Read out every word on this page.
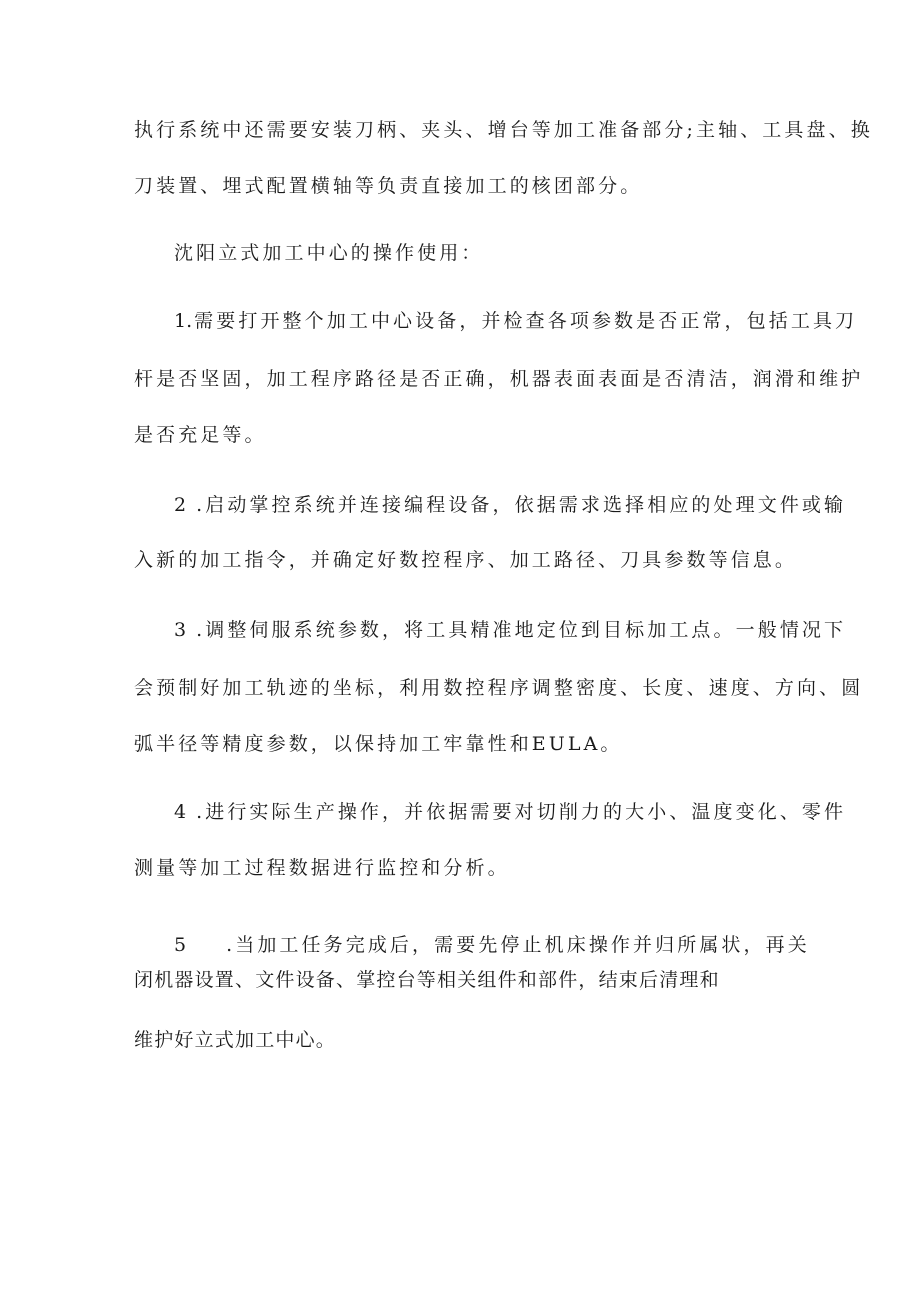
执行系统中还需要安装刀柄、夹头、增台等加工准备部分;主轴、工具盘、换
刀装置、埋式配置横轴等负责直接加工的核团部分。
沈阳立式加工中心的操作使用：
1. 需要打开整个加工中心设备，并检查各项参数是否正常，包括工具刀
杆是否坚固，加工程序路径是否正确，机器表面表面是否清洁，润滑和维护
是否充足等。
2 .启动掌控系统并连接编程设备，依据需求选择相应的处理文件或输
入新的加工指令，并确定好数控程序、加工路径、刀具参数等信息。
3 .调整伺服系统参数，将工具精准地定位到目标加工点。一般情况下
会预制好加工轨迹的坐标，利用数控程序调整密度、长度、速度、方向、圆
弧半径等精度参数，以保持加工牢靠性和EULA。
4 .进行实际生产操作，并依据需要对切削力的大小、温度变化、零件
测量等加工过程数据进行监控和分析。
5 .当加工任务完成后，需要先停止机床操作并归所属状，再关
闭机器设置、文件设备、掌控台等相关组件和部件，结束后清理和
维护好立式加工中心。
